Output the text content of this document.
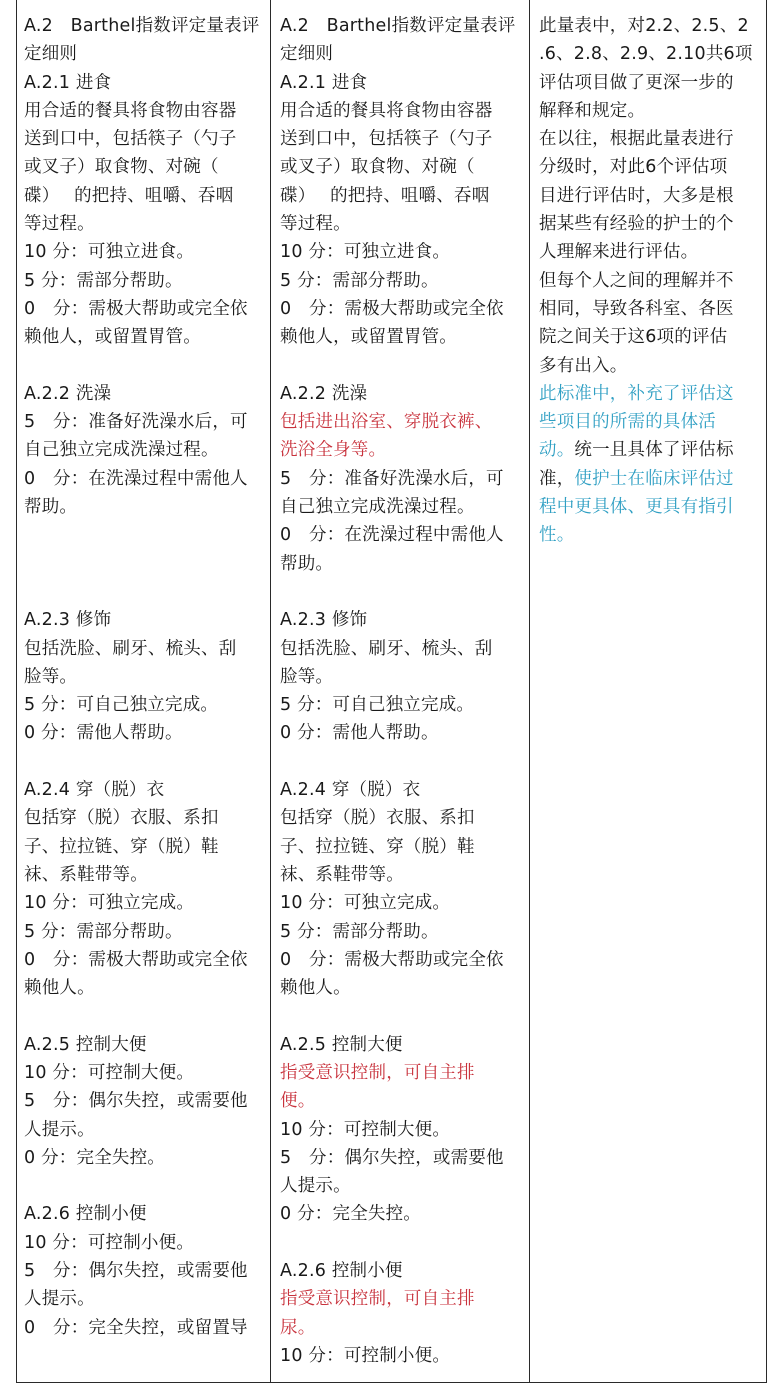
A.2　Barthel指数评定量表评

定细则

A.2.1 进食

用合适的餐具将食物由容器

送到口中，包括筷子（勺子

或叉子）取食物、对碗（

碟）　 的把持、咀嚼、吞咽

等过程。

10 分：可独立进食。

5 分：需部分帮助。

0　分：需极大帮助或完全依

赖他人，或留置胃管。

A.2.2 洗澡

5　分：准备好洗澡水后，可

自己独立完成洗澡过程。

0　分：在洗澡过程中需他人

帮助。

A.2.3 修饰

包括洗脸、刷牙、梳头、刮

脸等。

5 分：可自己独立完成。

0 分：需他人帮助。

A.2.4 穿（脱）衣

包括穿（脱）衣服、系扣

子、拉拉链、穿（脱）鞋

袜、系鞋带等。

10 分：可独立完成。

5 分：需部分帮助。

0　分：需极大帮助或完全依

赖他人。

A.2.5 控制大便

10 分：可控制大便。

5　分：偶尔失控，或需要他

人提示。

0 分：完全失控。

A.2.6 控制小便

10 分：可控制小便。

5　分：偶尔失控，或需要他

人提示。

0　分：完全失控，或留置导

A.2　Barthel指数评定量表评

定细则

A.2.1 进食

用合适的餐具将食物由容器

送到口中，包括筷子（勺子

或叉子）取食物、对碗（

碟）　 的把持、咀嚼、吞咽

等过程。

10 分：可独立进食。

5 分：需部分帮助。

0　分：需极大帮助或完全依

赖他人，或留置胃管。

A.2.2 洗澡

包括进出浴室、穿脱衣裤、

洗浴全身等。

5　分：准备好洗澡水后，可

自己独立完成洗澡过程。

0　分：在洗澡过程中需他人

帮助。

A.2.3 修饰

包括洗脸、刷牙、梳头、刮

脸等。

5 分：可自己独立完成。

0 分：需他人帮助。

A.2.4 穿（脱）衣

包括穿（脱）衣服、系扣

子、拉拉链、穿（脱）鞋

袜、系鞋带等。

10 分：可独立完成。

5 分：需部分帮助。

0　分：需极大帮助或完全依

赖他人。

A.2.5 控制大便

指受意识控制，可自主排

便。

10 分：可控制大便。

5　分：偶尔失控，或需要他

人提示。

0 分：完全失控。

A.2.6 控制小便

指受意识控制，可自主排

尿。

10 分：可控制小便。

此量表中，对2.2、2.5、2

.6、2.8、2.9、2.10共6项

评估项目做了更深一步的

解释和规定。

在以往，根据此量表进行

分级时，对此6个评估项

目进行评估时，大多是根

据某些有经验的护士的个

人理解来进行评估。

但每个人之间的理解并不

相同，导致各科室、各医

院之间关于这6项的评估

多有出入。

此标准中，补充了评估这

些项目的所需的具体活

动。统一且具体了评估标

准，使护士在临床评估过

程中更具体、更具有指引

性。
